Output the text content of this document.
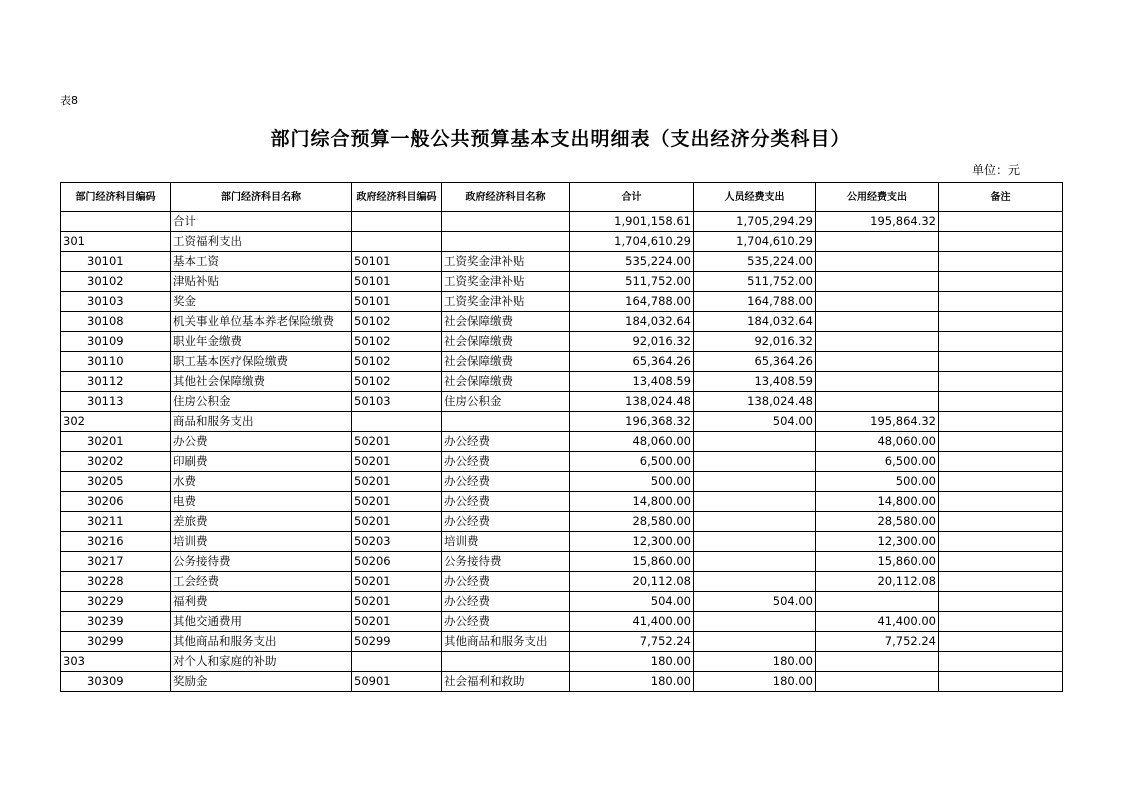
表8
部门综合预算一般公共预算基本支出明细表（支出经济分类科目）
单位：元
部门经济科目编码	部门经济科目名称	政府经济科目编码	政府经济科目名称	合计	人员经费支出	公用经费支出	备注
	合计			1,901,158.61	1,705,294.29	195,864.32	
301	工资福利支出			1,704,610.29	1,704,610.29		
30101	基本工资	50101	工资奖金津补贴	535,224.00	535,224.00		
30102	津贴补贴	50101	工资奖金津补贴	511,752.00	511,752.00		
30103	奖金	50101	工资奖金津补贴	164,788.00	164,788.00		
30108	机关事业单位基本养老保险缴费	50102	社会保障缴费	184,032.64	184,032.64		
30109	职业年金缴费	50102	社会保障缴费	92,016.32	92,016.32		
30110	职工基本医疗保险缴费	50102	社会保障缴费	65,364.26	65,364.26		
30112	其他社会保障缴费	50102	社会保障缴费	13,408.59	13,408.59		
30113	住房公积金	50103	住房公积金	138,024.48	138,024.48		
302	商品和服务支出			196,368.32	504.00	195,864.32	
30201	办公费	50201	办公经费	48,060.00		48,060.00	
30202	印刷费	50201	办公经费	6,500.00		6,500.00	
30205	水费	50201	办公经费	500.00		500.00	
30206	电费	50201	办公经费	14,800.00		14,800.00	
30211	差旅费	50201	办公经费	28,580.00		28,580.00	
30216	培训费	50203	培训费	12,300.00		12,300.00	
30217	公务接待费	50206	公务接待费	15,860.00		15,860.00	
30228	工会经费	50201	办公经费	20,112.08		20,112.08	
30229	福利费	50201	办公经费	504.00	504.00		
30239	其他交通费用	50201	办公经费	41,400.00		41,400.00	
30299	其他商品和服务支出	50299	其他商品和服务支出	7,752.24		7,752.24	
303	对个人和家庭的补助			180.00	180.00		
30309	奖励金	50901	社会福利和救助	180.00	180.00		
